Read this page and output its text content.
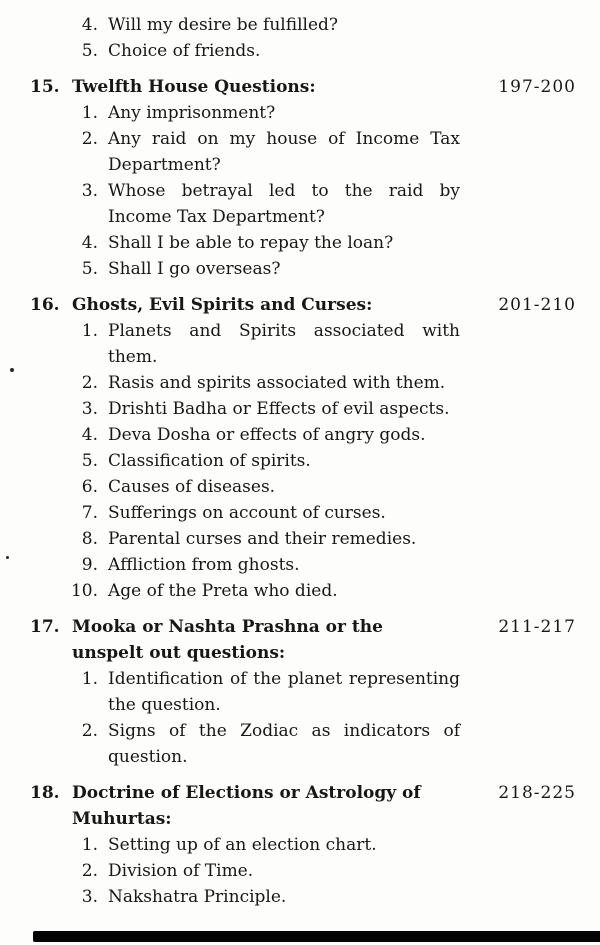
4. Will my desire be fulfilled?
5. Choice of friends.
15. Twelfth House Questions:	197-200
1. Any imprisonment?
2. Any raid on my house of Income Tax Department?
3. Whose betrayal led to the raid by Income Tax Department?
4. Shall I be able to repay the loan?
5. Shall I go overseas?
16. Ghosts, Evil Spirits and Curses:	201-210
1. Planets and Spirits associated with them.
2. Rasis and spirits associated with them.
3. Drishti Badha or Effects of evil aspects.
4. Deva Dosha or effects of angry gods.
5. Classification of spirits.
6. Causes of diseases.
7. Sufferings on account of curses.
8. Parental curses and their remedies.
9. Affliction from ghosts.
10. Age of the Preta who died.
17. Mooka or Nashta Prashna or the unspelt out questions:
211-217
1. Identification of the planet representing the question.
2. Signs of the Zodiac as indicators of question.
18. Doctrine of Elections or Astrology of Muhurtas:
218-225
1. Setting up of an election chart.
2. Division of Time.
3. Nakshatra Principle.
